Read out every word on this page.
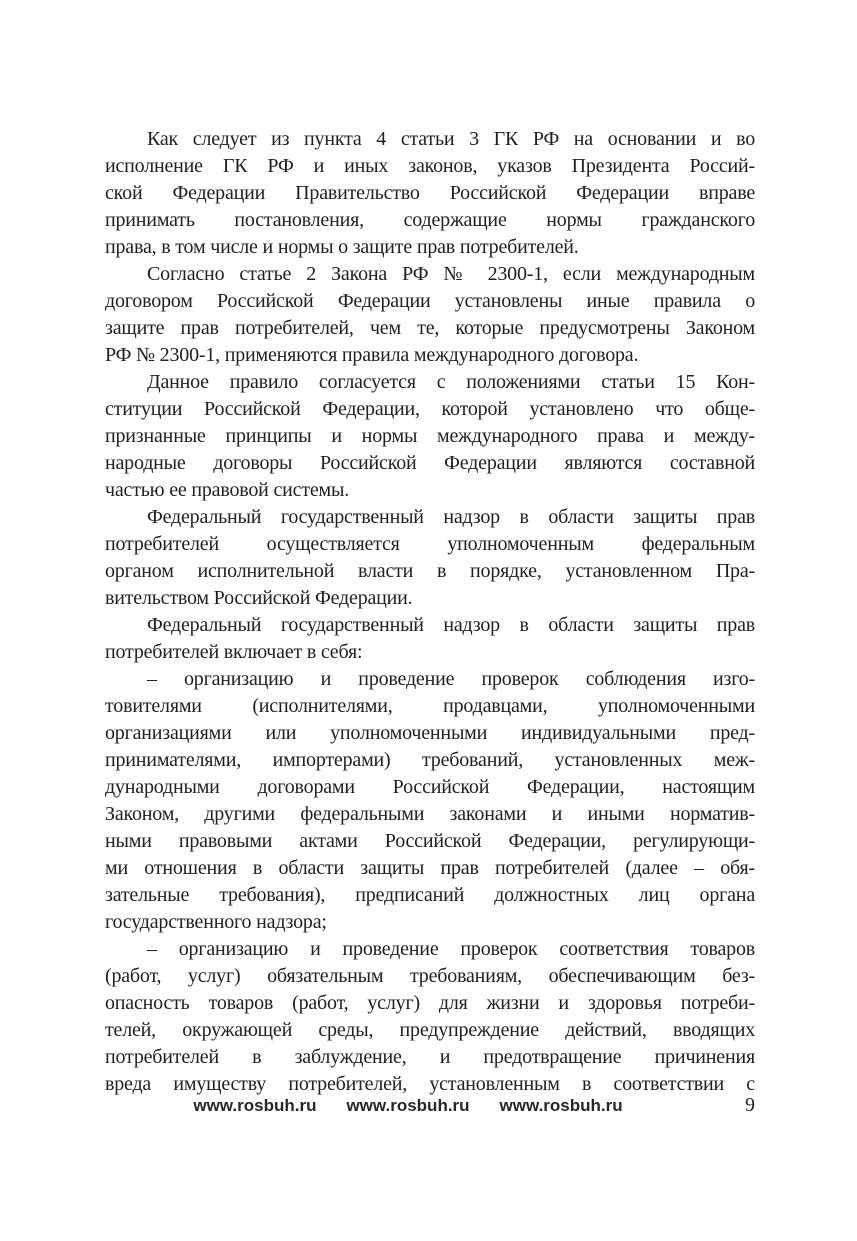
Как следует из пункта 4 статьи 3 ГК РФ на основании и во
исполнение ГК РФ и иных законов, указов Президента Россий-
ской Федерации Правительство Российской Федерации вправе
принимать постановления, содержащие нормы гражданского
права, в том числе и нормы о защите прав потребителей.
Согласно статье 2 Закона РФ № 2300-1, если международным
договором Российской Федерации установлены иные правила о
защите прав потребителей, чем те, которые предусмотрены Законом
РФ № 2300-1, применяются правила международного договора.
Данное правило согласуется с положениями статьи 15 Кон-
ституции Российской Федерации, которой установлено что обще-
признанные принципы и нормы международного права и между-
народные договоры Российской Федерации являются составной
частью ее правовой системы.
Федеральный государственный надзор в области защиты прав
потребителей осуществляется уполномоченным федеральным
органом исполнительной власти в порядке, установленном Пра-
вительством Российской Федерации.
Федеральный государственный надзор в области защиты прав
потребителей включает в себя:
– организацию и проведение проверок соблюдения изго-
товителями (исполнителями, продавцами, уполномоченными
организациями или уполномоченными индивидуальными пред-
принимателями, импортерами) требований, установленных меж-
дународными договорами Российской Федерации, настоящим
Законом, другими федеральными законами и иными норматив-
ными правовыми актами Российской Федерации, регулирующи-
ми отношения в области защиты прав потребителей (далее – обя-
зательные требования), предписаний должностных лиц органа
государственного надзора;
– организацию и проведение проверок соответствия товаров
(работ, услуг) обязательным требованиям, обеспечивающим без-
опасность товаров (работ, услуг) для жизни и здоровья потреби-
телей, окружающей среды, предупреждение действий, вводящих
потребителей в заблуждение, и предотвращение причинения
вреда имуществу потребителей, установленным в соответствии с
www.rosbuh.ru www.rosbuh.ru www.rosbuh.ru	9
